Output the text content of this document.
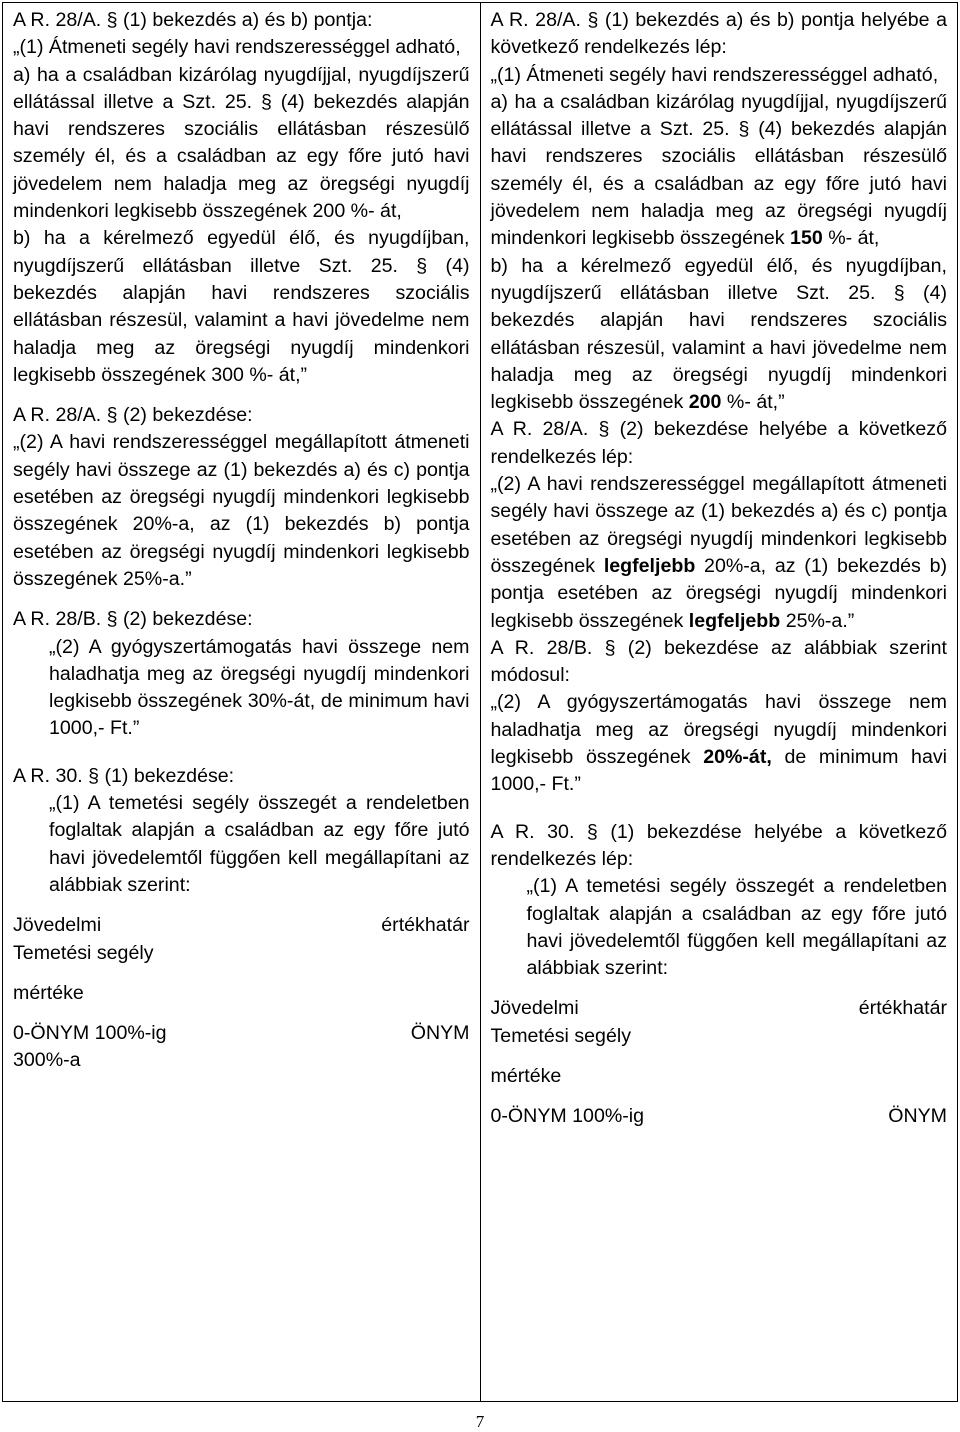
A R. 28/A. § (1) bekezdés a) és b) pontja:

„(1) Átmeneti segély havi rendszerességgel adható,

a) ha a családban kizárólag nyugdíjjal, nyugdíjszerű ellátással illetve a Szt. 25. § (4) bekezdés alapján havi rendszeres szociális ellátásban részesülő személy él, és a családban az egy főre jutó havi jövedelem nem haladja meg az öregségi nyugdíj mindenkori legkisebb összegének 200 %- át,

b) ha a kérelmező egyedül élő, és nyugdíjban, nyugdíjszerű ellátásban illetve Szt. 25. § (4) bekezdés alapján havi rendszeres szociális ellátásban részesül, valamint a havi jövedelme nem haladja meg az öregségi nyugdíj mindenkori legkisebb összegének 300 %- át,”

A R. 28/A. § (2) bekezdése:

„(2) A havi rendszerességgel megállapított átmeneti segély havi összege az (1) bekezdés a) és c) pontja esetében az öregségi nyugdíj mindenkori legkisebb összegének 20%-a, az (1) bekezdés b) pontja esetében az öregségi nyugdíj mindenkori legkisebb összegének 25%-a.”

A R. 28/B. § (2) bekezdése:

„(2) A gyógyszertámogatás havi összege nem haladhatja meg az öregségi nyugdíj mindenkori legkisebb összegének 30%-át, de minimum havi 1000,- Ft.”

A R. 30. § (1) bekezdése:

„(1) A temetési segély összegét a rendeletben foglaltak alapján a családban az egy főre jutó havi jövedelemtől függően kell megállapítani az alábbiak szerint:

Jövedelmi	értékhatár

Temetési segély

mértéke

0-ÖNYM 100%-ig	ÖNYM

300%-a

A R. 28/A. § (1) bekezdés a) és b) pontja helyébe a következő rendelkezés lép:

„(1) Átmeneti segély havi rendszerességgel adható,

a) ha a családban kizárólag nyugdíjjal, nyugdíjszerű ellátással illetve a Szt. 25. § (4) bekezdés alapján havi rendszeres szociális ellátásban részesülő személy él, és a családban az egy főre jutó havi jövedelem nem haladja meg az öregségi nyugdíj mindenkori legkisebb összegének 150 %- át,

b) ha a kérelmező egyedül élő, és nyugdíjban, nyugdíjszerű ellátásban illetve Szt. 25. § (4) bekezdés alapján havi rendszeres szociális ellátásban részesül, valamint a havi jövedelme nem haladja meg az öregségi nyugdíj mindenkori legkisebb összegének 200 %- át,”

A R. 28/A. § (2) bekezdése helyébe a következő rendelkezés lép:

„(2) A havi rendszerességgel megállapított átmeneti segély havi összege az (1) bekezdés a) és c) pontja esetében az öregségi nyugdíj mindenkori legkisebb összegének legfeljebb 20%-a, az (1) bekezdés b) pontja esetében az öregségi nyugdíj mindenkori legkisebb összegének legfeljebb 25%-a.”

A R. 28/B. § (2) bekezdése az alábbiak szerint módosul:

„(2) A gyógyszertámogatás havi összege nem haladhatja meg az öregségi nyugdíj mindenkori legkisebb összegének 20%-át, de minimum havi 1000,- Ft.”

A R. 30. § (1) bekezdése helyébe a következő rendelkezés lép:

„(1) A temetési segély összegét a rendeletben foglaltak alapján a családban az egy főre jutó havi jövedelemtől függően kell megállapítani az alábbiak szerint:

Jövedelmi	értékhatár

Temetési segély

mértéke

0-ÖNYM 100%-ig	ÖNYM
7
